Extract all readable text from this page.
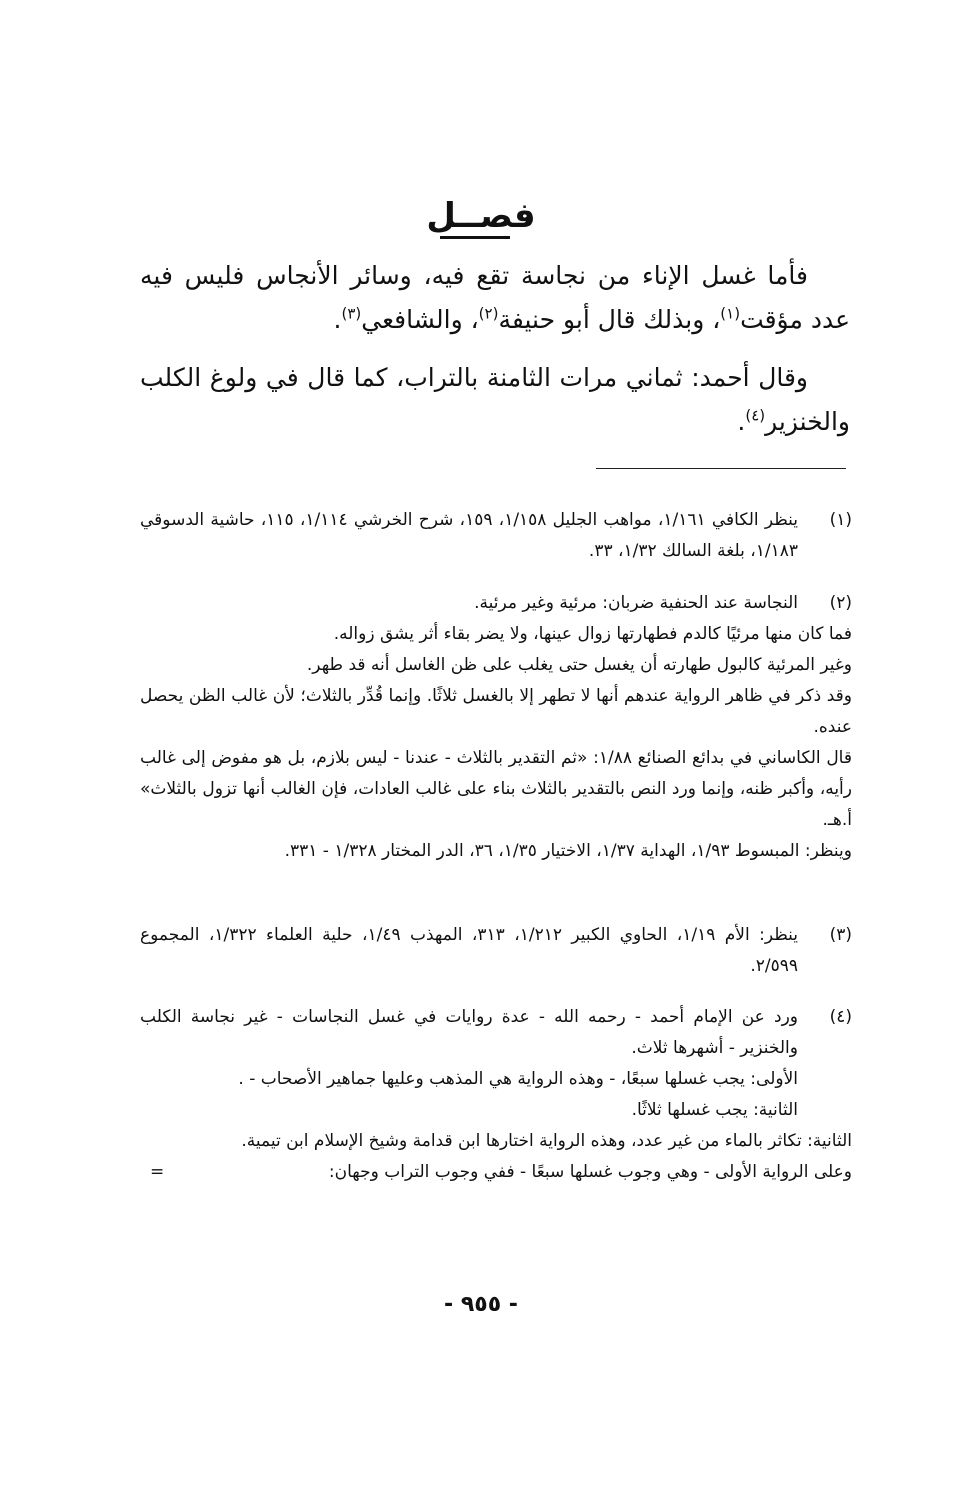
فصــل
فأما غسل الإناء من نجاسة تقع فيه، وسائر الأنجاس فليس فيه عدد مؤقت$^{(١)}$، وبذلك قال أبو حنيفة$^{(٢)}$، والشافعي$^{(٣)}$.
وقال أحمد: ثماني مرات الثامنة بالتراب، كما قال في ولوغ الكلب والخنزير$^{(٤)}$.
(١)
ينظر الكافي ١/١٦١، مواهب الجليل ١/١٥٨، ١٥٩، شرح الخرشي ١/١١٤، ١١٥، حاشية الدسوقي ١/١٨٣، بلغة السالك ١/٣٢، ٣٣.
(٢)
النجاسة عند الحنفية ضربان: مرئية وغير مرئية.
فما كان منها مرئيًا كالدم فطهارتها زوال عينها، ولا يضر بقاء أثر يشق زواله.
وغير المرئية كالبول طهارته أن يغسل حتى يغلب على ظن الغاسل أنه قد طهر.
وقد ذكر في ظاهر الرواية عندهم أنها لا تطهر إلا بالغسل ثلاثًا. وإنما قُدِّر بالثلاث؛ لأن غالب الظن يحصل عنده.
قال الكاساني في بدائع الصنائع ١/٨٨: «ثم التقدير بالثلاث - عندنا - ليس بلازم، بل هو مفوض إلى غالب رأيه، وأكبر ظنه، وإنما ورد النص بالتقدير بالثلاث بناء على غالب العادات، فإن الغالب أنها تزول بالثلاث» أ.هـ.
وينظر: المبسوط ١/٩٣، الهداية ١/٣٧، الاختيار ١/٣٥، ٣٦، الدر المختار ١/٣٢٨ - ٣٣١.
(٣)
ينظر: الأم ١/١٩، الحاوي الكبير ١/٢١٢، ٣١٣، المهذب ١/٤٩، حلية العلماء ١/٣٢٢، المجموع ٢/٥٩٩.
(٤)
ورد عن الإمام أحمد - رحمه الله - عدة روايات في غسل النجاسات - غير نجاسة الكلب والخنزير - أشهرها ثلاث.
الأولى: يجب غسلها سبعًا، - وهذه الرواية هي المذهب وعليها جماهير الأصحاب - .
الثانية: يجب غسلها ثلاثًا.
الثانية: تكاثر بالماء من غير عدد، وهذه الرواية اختارها ابن قدامة وشيخ الإسلام ابن تيمية.
وعلى الرواية الأولى - وهي وجوب غسلها سبعًا - ففي وجوب التراب وجهان:
=
- ٩٥٥ -
